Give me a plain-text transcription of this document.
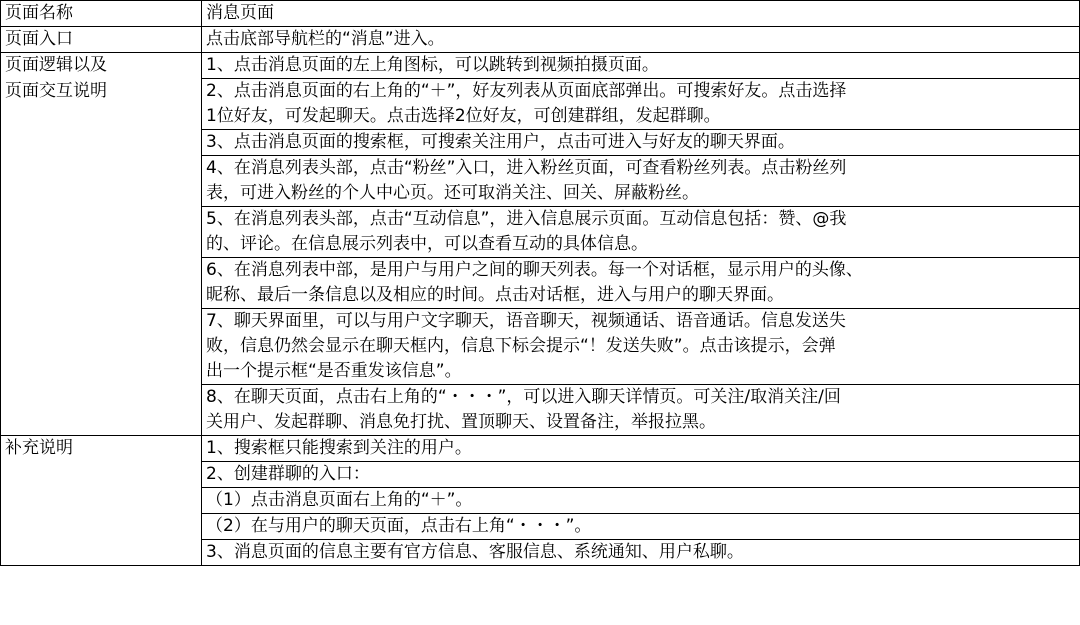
页面名称	消息页面
页面入口	点击底部导航栏的“消息”进入。
页面逻辑以及	1、点击消息页面的左上角图标，可以跳转到视频拍摄页面。

页面交互说明	2、点击消息页面的右上角的“＋”，好友列表从页面底部弹出。可搜索好友。点击选择
1位好友，可发起聊天。点击选择2位好友，可创建群组，发起群聊。

	3、点击消息页面的搜索框，可搜索关注用户，点击可进入与好友的聊天界面。

	4、在消息列表头部，点击“粉丝”入口，进入粉丝页面，可查看粉丝列表。点击粉丝列
表，可进入粉丝的个人中心页。还可取消关注、回关、屏蔽粉丝。

	5、在消息列表头部，点击“互动信息”，进入信息展示页面。互动信息包括：赞、@我
的、评论。在信息展示列表中，可以查看互动的具体信息。

	6、在消息列表中部，是用户与用户之间的聊天列表。每一个对话框，显示用户的头像、
昵称、最后一条信息以及相应的时间。点击对话框，进入与用户的聊天界面。

	7、聊天界面里，可以与用户文字聊天，语音聊天，视频通话、语音通话。信息发送失
败，信息仍然会显示在聊天框内，信息下标会提示“！发送失败”。点击该提示，会弹
出一个提示框“是否重发该信息”。

	8、在聊天页面，点击右上角的“・・・”，可以进入聊天详情页。可关注/取消关注/回
关用户、发起群聊、消息免打扰、置顶聊天、设置备注，举报拉黑。

补充说明	1、搜索框只能搜索到关注的用户。
	2、创建群聊的入口：
	（1）点击消息页面右上角的“＋”。
	（2）在与用户的聊天页面，点击右上角“・・・”。
	3、消息页面的信息主要有官方信息、客服信息、系统通知、用户私聊。
